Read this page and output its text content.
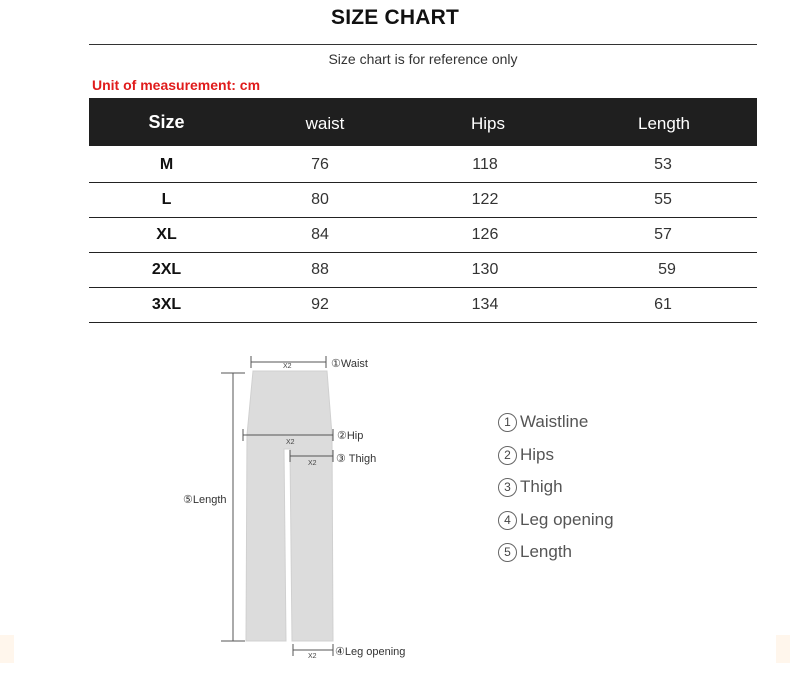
SIZE CHART
Size chart is for reference only
Unit of measurement: cm
Size	waist	Hips	Length
M	76	118	53
L	80	122	55
XL	84	126	57
2XL	88	130	59
3XL	92	134	61
X2	①Waist
X2
②Hip
X2 ③ Thigh
⑤Length
X2 ④Leg opening
1 Waistline
2 Hips
3 Thigh
4 Leg opening
5 Length
